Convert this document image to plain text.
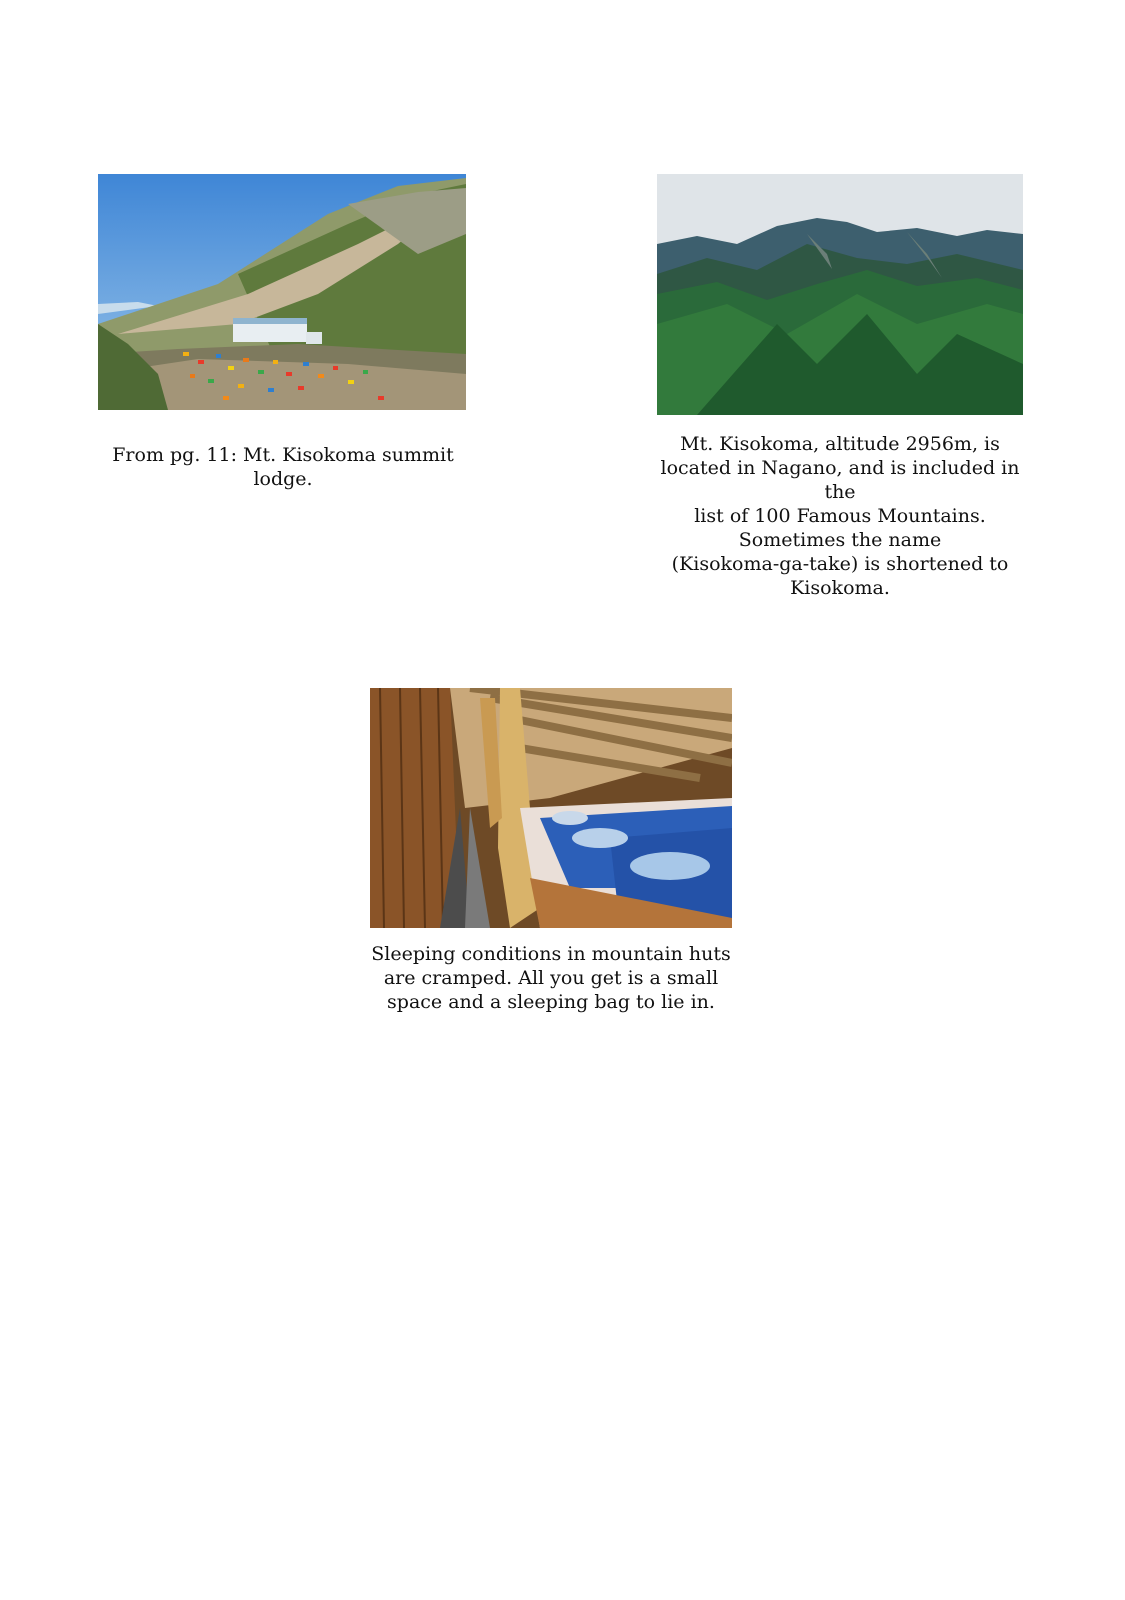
From pg. 11: Mt. Kisokoma summit
lodge.
Mt. Kisokoma, altitude 2956m, is
located in Nagano, and is included in the
list of 100 Famous Mountains.
Sometimes the name
(Kisokoma-ga-take) is shortened to
Kisokoma.
Sleeping conditions in mountain huts
are cramped. All you get is a small
space and a sleeping bag to lie in.
